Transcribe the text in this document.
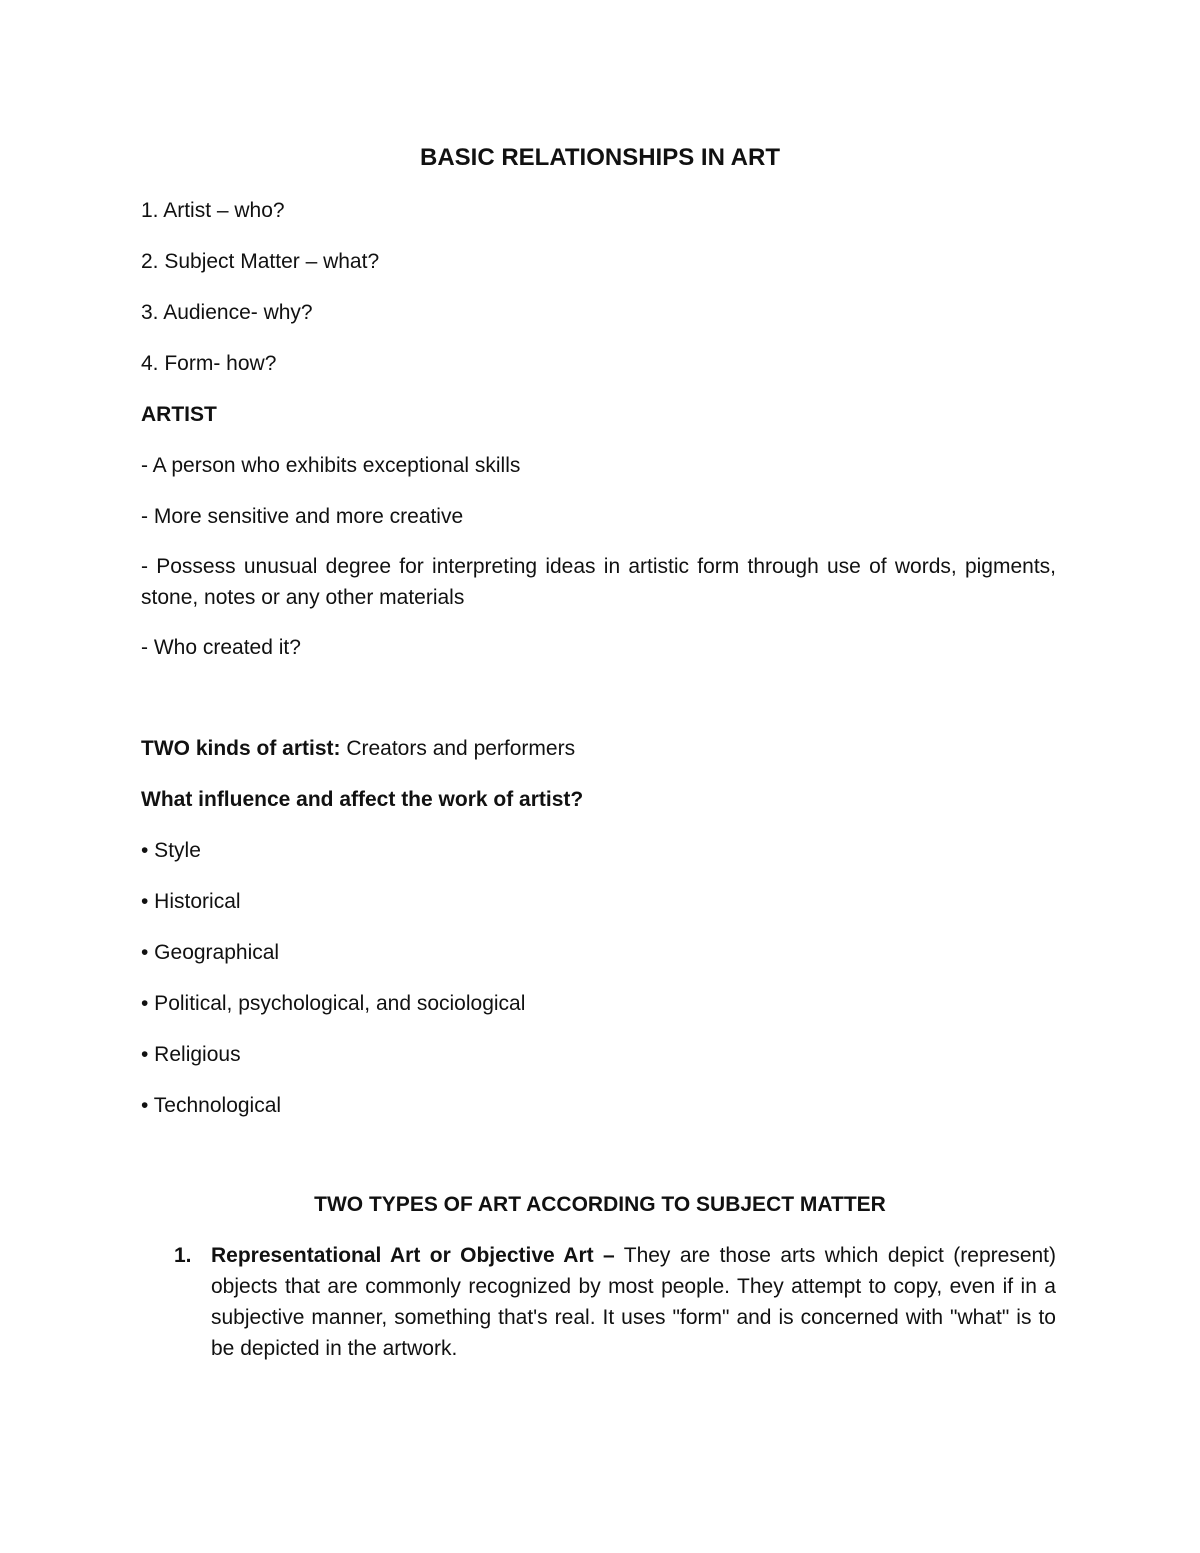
BASIC RELATIONSHIPS IN ART
1. Artist – who?
2. Subject Matter – what?
3. Audience- why?
4. Form- how?
ARTIST
- A person who exhibits exceptional skills
- More sensitive and more creative
- Possess unusual degree for interpreting ideas in artistic form through use of words, pigments, stone, notes or any other materials
- Who created it?
TWO kinds of artist: Creators and performers
What influence and affect the work of artist?
• Style
• Historical
• Geographical
• Political, psychological, and sociological
• Religious
• Technological
TWO TYPES OF ART ACCORDING TO SUBJECT MATTER
1. Representational Art or Objective Art – They are those arts which depict (represent) objects that are commonly recognized by most people. They attempt to copy, even if in a subjective manner, something that's real. It uses "form" and is concerned with "what" is to be depicted in the artwork.
